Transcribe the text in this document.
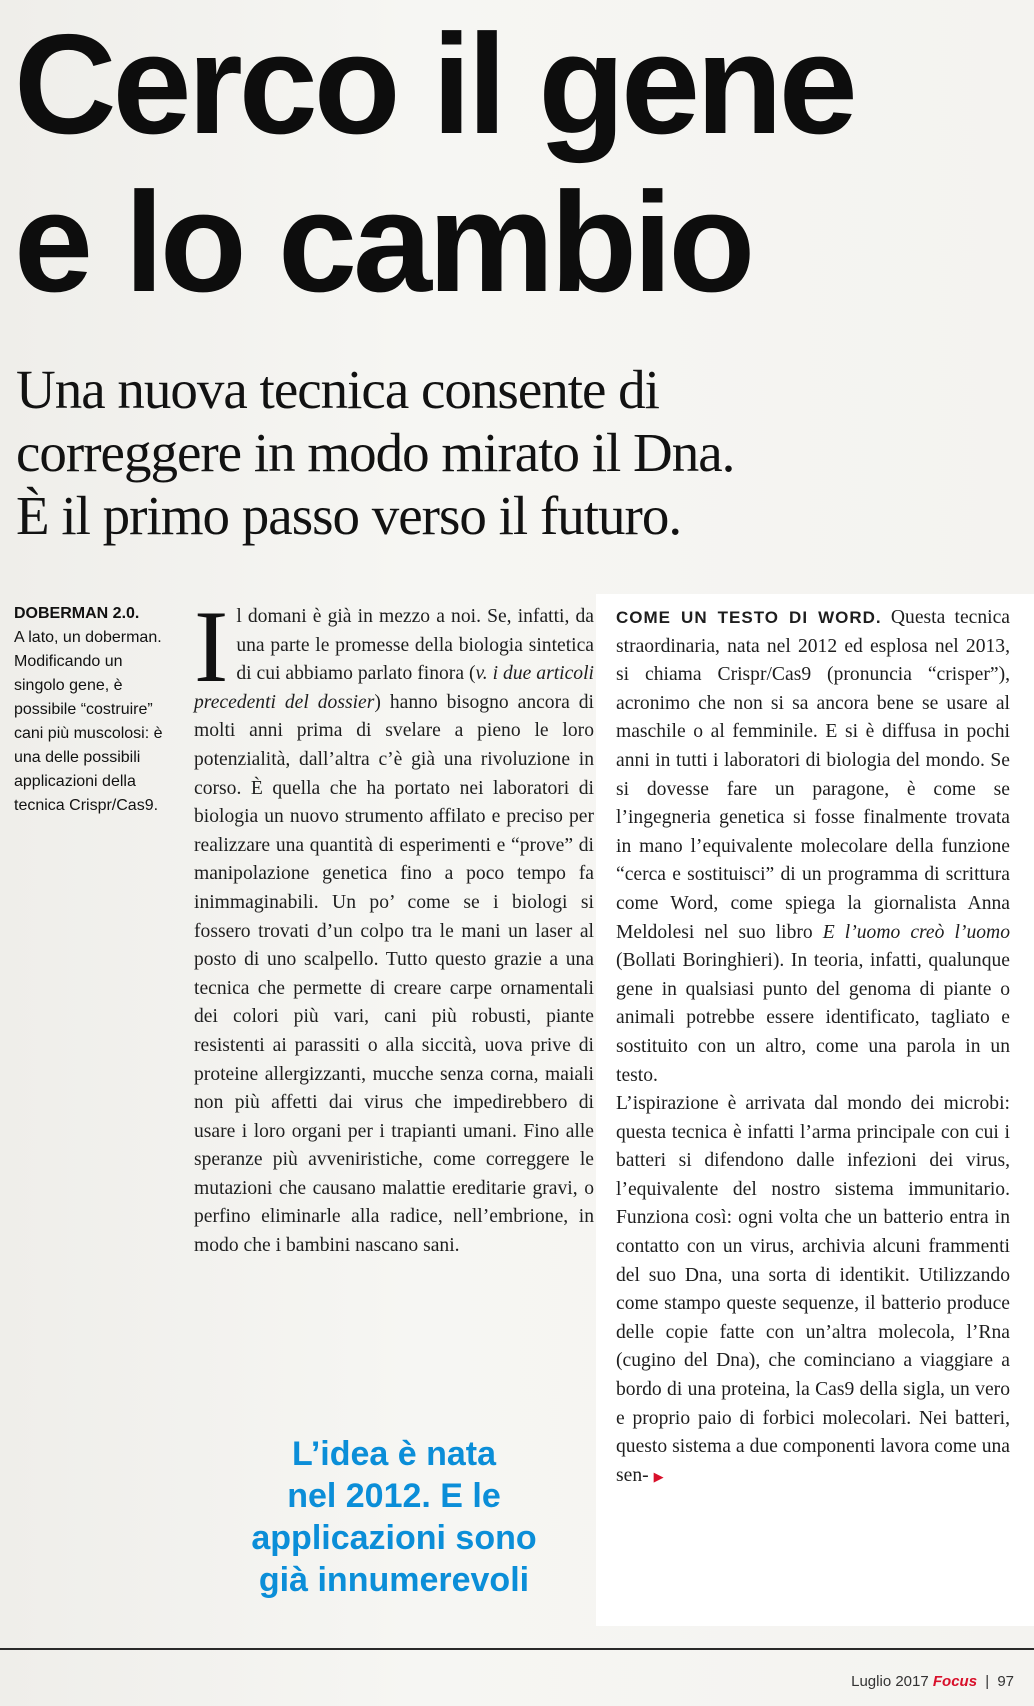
Cerco il gene
e lo cambio
Una nuova tecnica consente di
correggere in modo mirato il Dna.
È il primo passo verso il futuro.
DOBERMAN 2.0.
A lato, un doberman. Modificando un singolo gene, è possibile “costruire” cani più muscolosi: è una delle possibili applicazioni della tecnica Crispr/Cas9.

Il domani è già in mezzo a noi. Se, infatti, da una parte le promesse della biologia sintetica di cui abbiamo parlato finora (v. i due articoli precedenti del dossier) hanno bisogno ancora di molti anni prima di svelare a pieno le loro potenzialità, dall’altra c’è già una rivoluzione in corso. È quella che ha portato nei laboratori di biologia un nuovo strumento affilato e preciso per realizzare una quantità di esperimenti e “prove” di manipolazione genetica fino a poco tempo fa inimmaginabili. Un po’ come se i biologi si fossero trovati d’un colpo tra le mani un laser al posto di uno scalpello. Tutto questo grazie a una tecnica che permette di creare carpe ornamentali dei colori più vari, cani più robusti, piante resistenti ai parassiti o alla siccità, uova prive di proteine allergizzanti, mucche senza corna, maiali non più affetti dai virus che impedirebbero di usare i loro organi per i trapianti umani. Fino alle speranze più avveniristiche, come correggere le mutazioni che causano malattie ereditarie gravi, o perfino eliminarle alla radice, nell’embrione, in modo che i bambini nascano sani.

L’idea è nata
nel 2012. E le
applicazioni sono
già innumerevoli

COME UN TESTO DI WORD. Questa tecnica straordinaria, nata nel 2012 ed esplosa nel 2013, si chiama Crispr/Cas9 (pronuncia “crisper”), acronimo che non si sa ancora bene se usare al maschile o al femminile. E si è diffusa in pochi anni in tutti i laboratori di biologia del mondo. Se si dovesse fare un paragone, è come se l’ingegneria genetica si fosse finalmente trovata in mano l’equivalente molecolare della funzione “cerca e sostituisci” di un programma di scrittura come Word, come spiega la giornalista Anna Meldolesi nel suo libro E l’uomo creò l’uomo (Bollati Boringhieri). In teoria, infatti, qualunque gene in qualsiasi punto del genoma di piante o animali potrebbe essere identificato, tagliato e sostituito con un altro, come una parola in un testo.

L’ispirazione è arrivata dal mondo dei microbi: questa tecnica è infatti l’arma principale con cui i batteri si difendono dalle infezioni dei virus, l’equivalente del nostro sistema immunitario. Funziona così: ogni volta che un batterio entra in contatto con un virus, archivia alcuni frammenti del suo Dna, una sorta di identikit. Utilizzando come stampo queste sequenze, il batterio produce delle copie fatte con un’altra molecola, l’Rna (cugino del Dna), che cominciano a viaggiare a bordo di una proteina, la Cas9 della sigla, un vero e proprio paio di forbici molecolari. Nei batteri, questo sistema a due componenti lavora come una sen- ▶

Luglio 2017 Focus | 97
